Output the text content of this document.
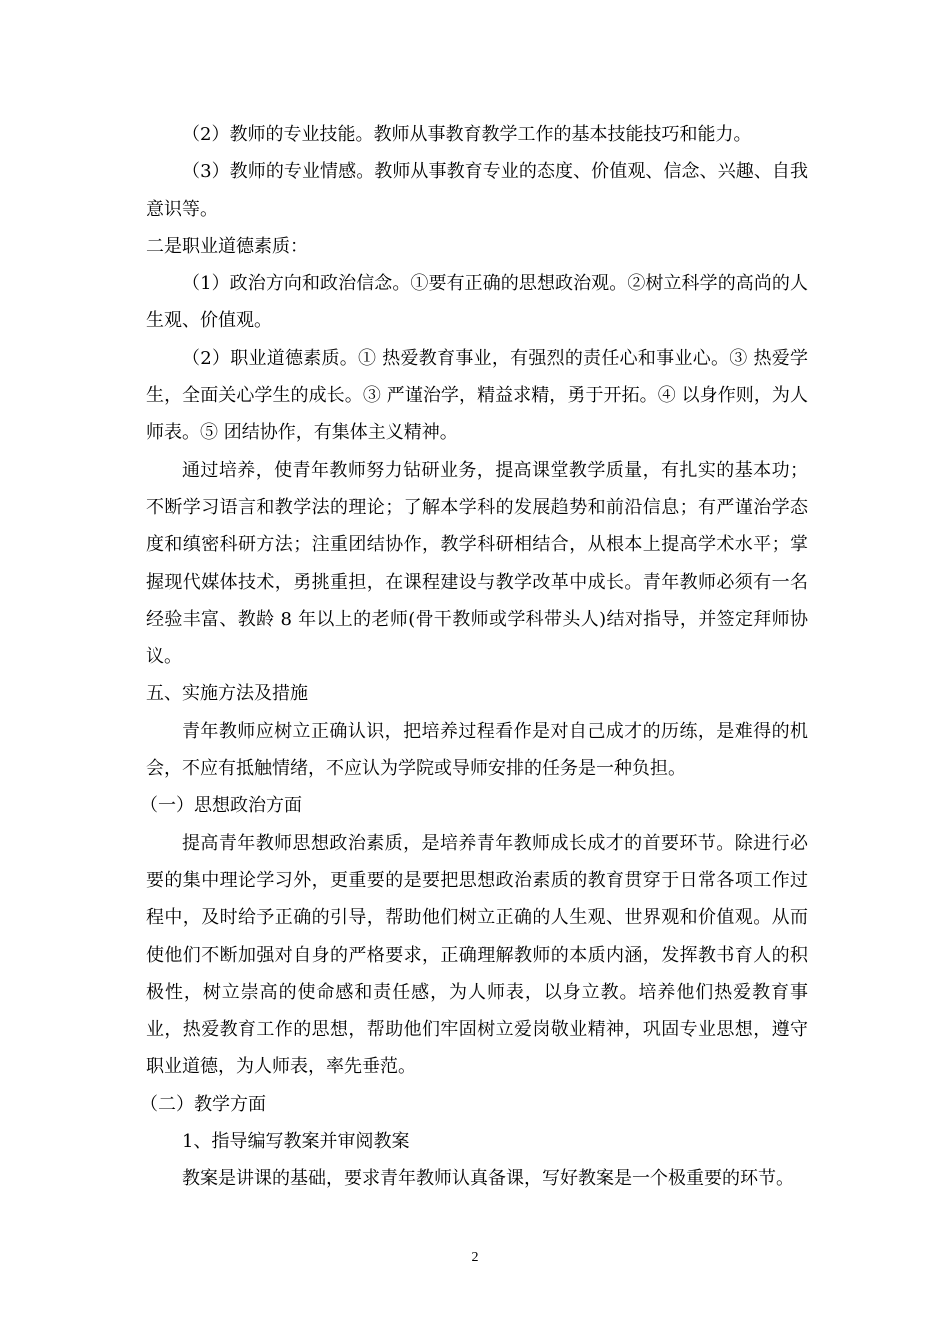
（2）教师的专业技能。教师从事教育教学工作的基本技能技巧和能力。

（3）教师的专业情感。教师从事教育专业的态度、价值观、信念、兴趣、自我意识等。

二是职业道德素质：

（1）政治方向和政治信念。①要有正确的思想政治观。②树立科学的高尚的人生观、价值观。

（2）职业道德素质。① 热爱教育事业，有强烈的责任心和事业心。③ 热爱学生，全面关心学生的成长。③ 严谨治学，精益求精，勇于开拓。④ 以身作则，为人师表。⑤ 团结协作，有集体主义精神。

通过培养，使青年教师努力钻研业务，提高课堂教学质量，有扎实的基本功；不断学习语言和教学法的理论；了解本学科的发展趋势和前沿信息；有严谨治学态度和缜密科研方法；注重团结协作，教学科研相结合，从根本上提高学术水平；掌握现代媒体技术，勇挑重担，在课程建设与教学改革中成长。青年教师必须有一名经验丰富、教龄 8 年以上的老师(骨干教师或学科带头人)结对指导，并签定拜师协议。

五、实施方法及措施

青年教师应树立正确认识，把培养过程看作是对自己成才的历练，是难得的机会，不应有抵触情绪，不应认为学院或导师安排的任务是一种负担。

（一）思想政治方面

提高青年教师思想政治素质，是培养青年教师成长成才的首要环节。除进行必要的集中理论学习外，更重要的是要把思想政治素质的教育贯穿于日常各项工作过程中，及时给予正确的引导，帮助他们树立正确的人生观、世界观和价值观。从而使他们不断加强对自身的严格要求，正确理解教师的本质内涵，发挥教书育人的积极性，树立崇高的使命感和责任感，为人师表，以身立教。培养他们热爱教育事业，热爱教育工作的思想，帮助他们牢固树立爱岗敬业精神，巩固专业思想，遵守职业道德，为人师表，率先垂范。

（二）教学方面

1、指导编写教案并审阅教案

教案是讲课的基础，要求青年教师认真备课，写好教案是一个极重要的环节。

2
